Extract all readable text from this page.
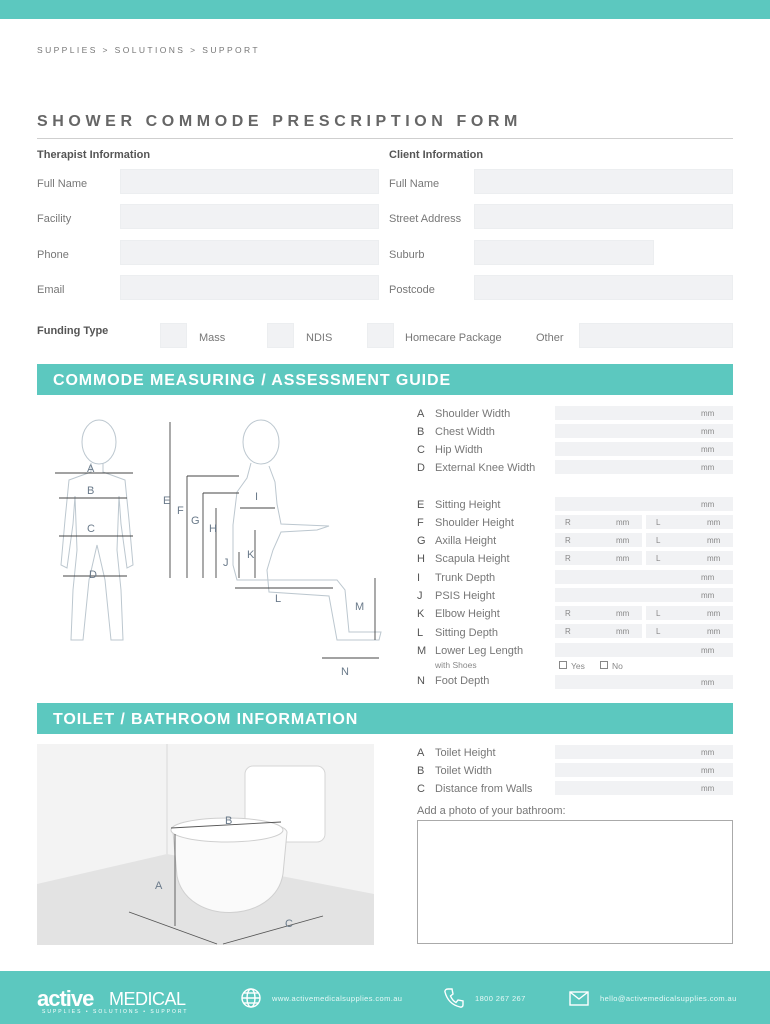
SUPPLIES > SOLUTIONS > SUPPORT
SHOWER COMMODE PRESCRIPTION FORM
Therapist Information	Client Information
Full Name
Facility
Phone
Email
Full Name
Street Address
Suburb
Postcode
Funding Type
Mass	NDIS	Homecare Package	Other
COMMODE MEASURING / ASSESSMENT GUIDE
A
B
C
D
E
F
G
H
I
J
K
L
M
N
A Shoulder Width	mm
B Chest Width	mm
C Hip Width	mm
D External Knee Width	mm
E Sitting Height	mm
F	Shoulder Height	R	mm	L	mm
G Axilla Height	R	mm	L	mm
H Scapula Height	R	mm	L	mm
I	Trunk Depth	mm
J	PSIS Height	mm
K Elbow Height	R	mm	L	mm
L	Sitting Depth	R	mm	L	mm
M Lower Leg Length	mm
N Foot Depth	mm
with Shoes	Yes	No
TOILET / BATHROOM INFORMATION
A
B
C
A Toilet Height	mm
B Toilet Width	mm
C Distance from Walls	mm
Add a photo of your bathroom:
active MEDICAL
SUPPLIES • SOLUTIONS • SUPPORT
www.activemedicalsupplies.com.au	1800 267 267	hello@activemedicalsupplies.com.au
